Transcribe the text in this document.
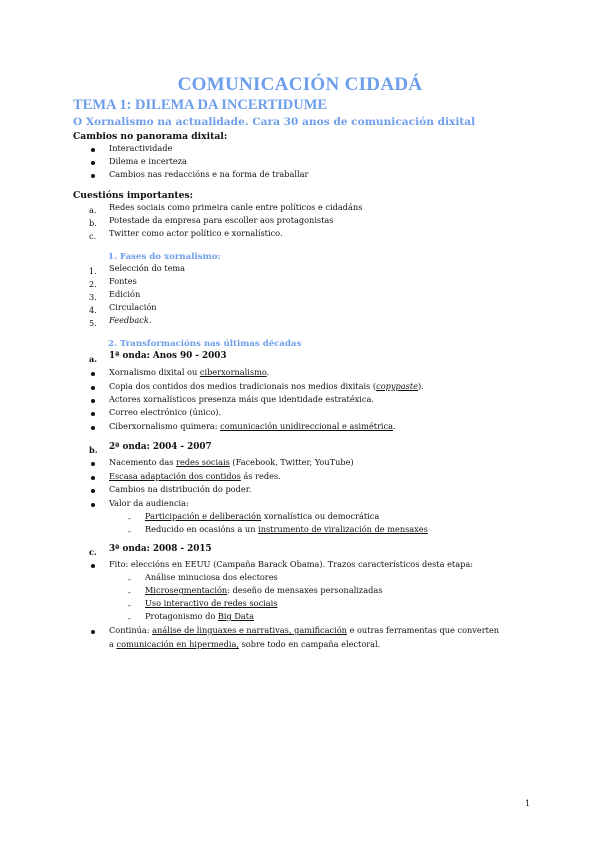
COMUNICACIÓN CIDADÁ
TEMA 1: DILEMA DA INCERTIDUME
O Xornalismo na actualidade. Cara 30 anos de comunicación dixital
Cambios no panorama dixital:
Interactividade
Dilema e incerteza
Cambios nas redaccións e na forma de traballar
Cuestións importantes:
a. Redes sociais como primeira canle entre políticos e cidadáns
b. Potestade da empresa para escoller aos protagonistas
c. Twitter como actor político e xornalístico.
1. Fases do xornalismo:
1. Selección do tema
2. Fontes
3. Edición
4. Circulación
5. Feedback.
2. Transformacións nas últimas décadas
a. 1ª onda: Anos 90 - 2003
Xornalismo dixital ou ciberxornalismo.
Copia dos contidos dos medios tradicionais nos medios dixitais (copypaste).
Actores xornalísticos presenza máis que identidade estratéxica.
Correo electrónico (único).
Ciberxornalismo quimera: comunicación unidireccional e asimétrica.
b. 2ª onda: 2004 - 2007
Nacemento das redes sociais (Facebook, Twitter, YouTube)
Escasa adaptación dos contidos ás redes.
Cambios na distribución do poder.
Valor da audiencia:
- Participación e deliberación xornalística ou democrática
- Reducido en ocasións a un instrumento de viralización de mensaxes
c. 3ª onda: 2008 - 2015
Fito: eleccións en EEUU (Campaña Barack Obama). Trazos característicos desta etapa:
- Análise minuciosa dos electores
- Microsegmentación: deseño de mensaxes personalizadas
- Uso interactivo de redes sociais
- Protagonismo do Big Data
Continúa: análise de linguaxes e narrativas, gamificación e outras ferramentas que converten
a comunicación en hipermedia, sobre todo en campaña electoral.
1
